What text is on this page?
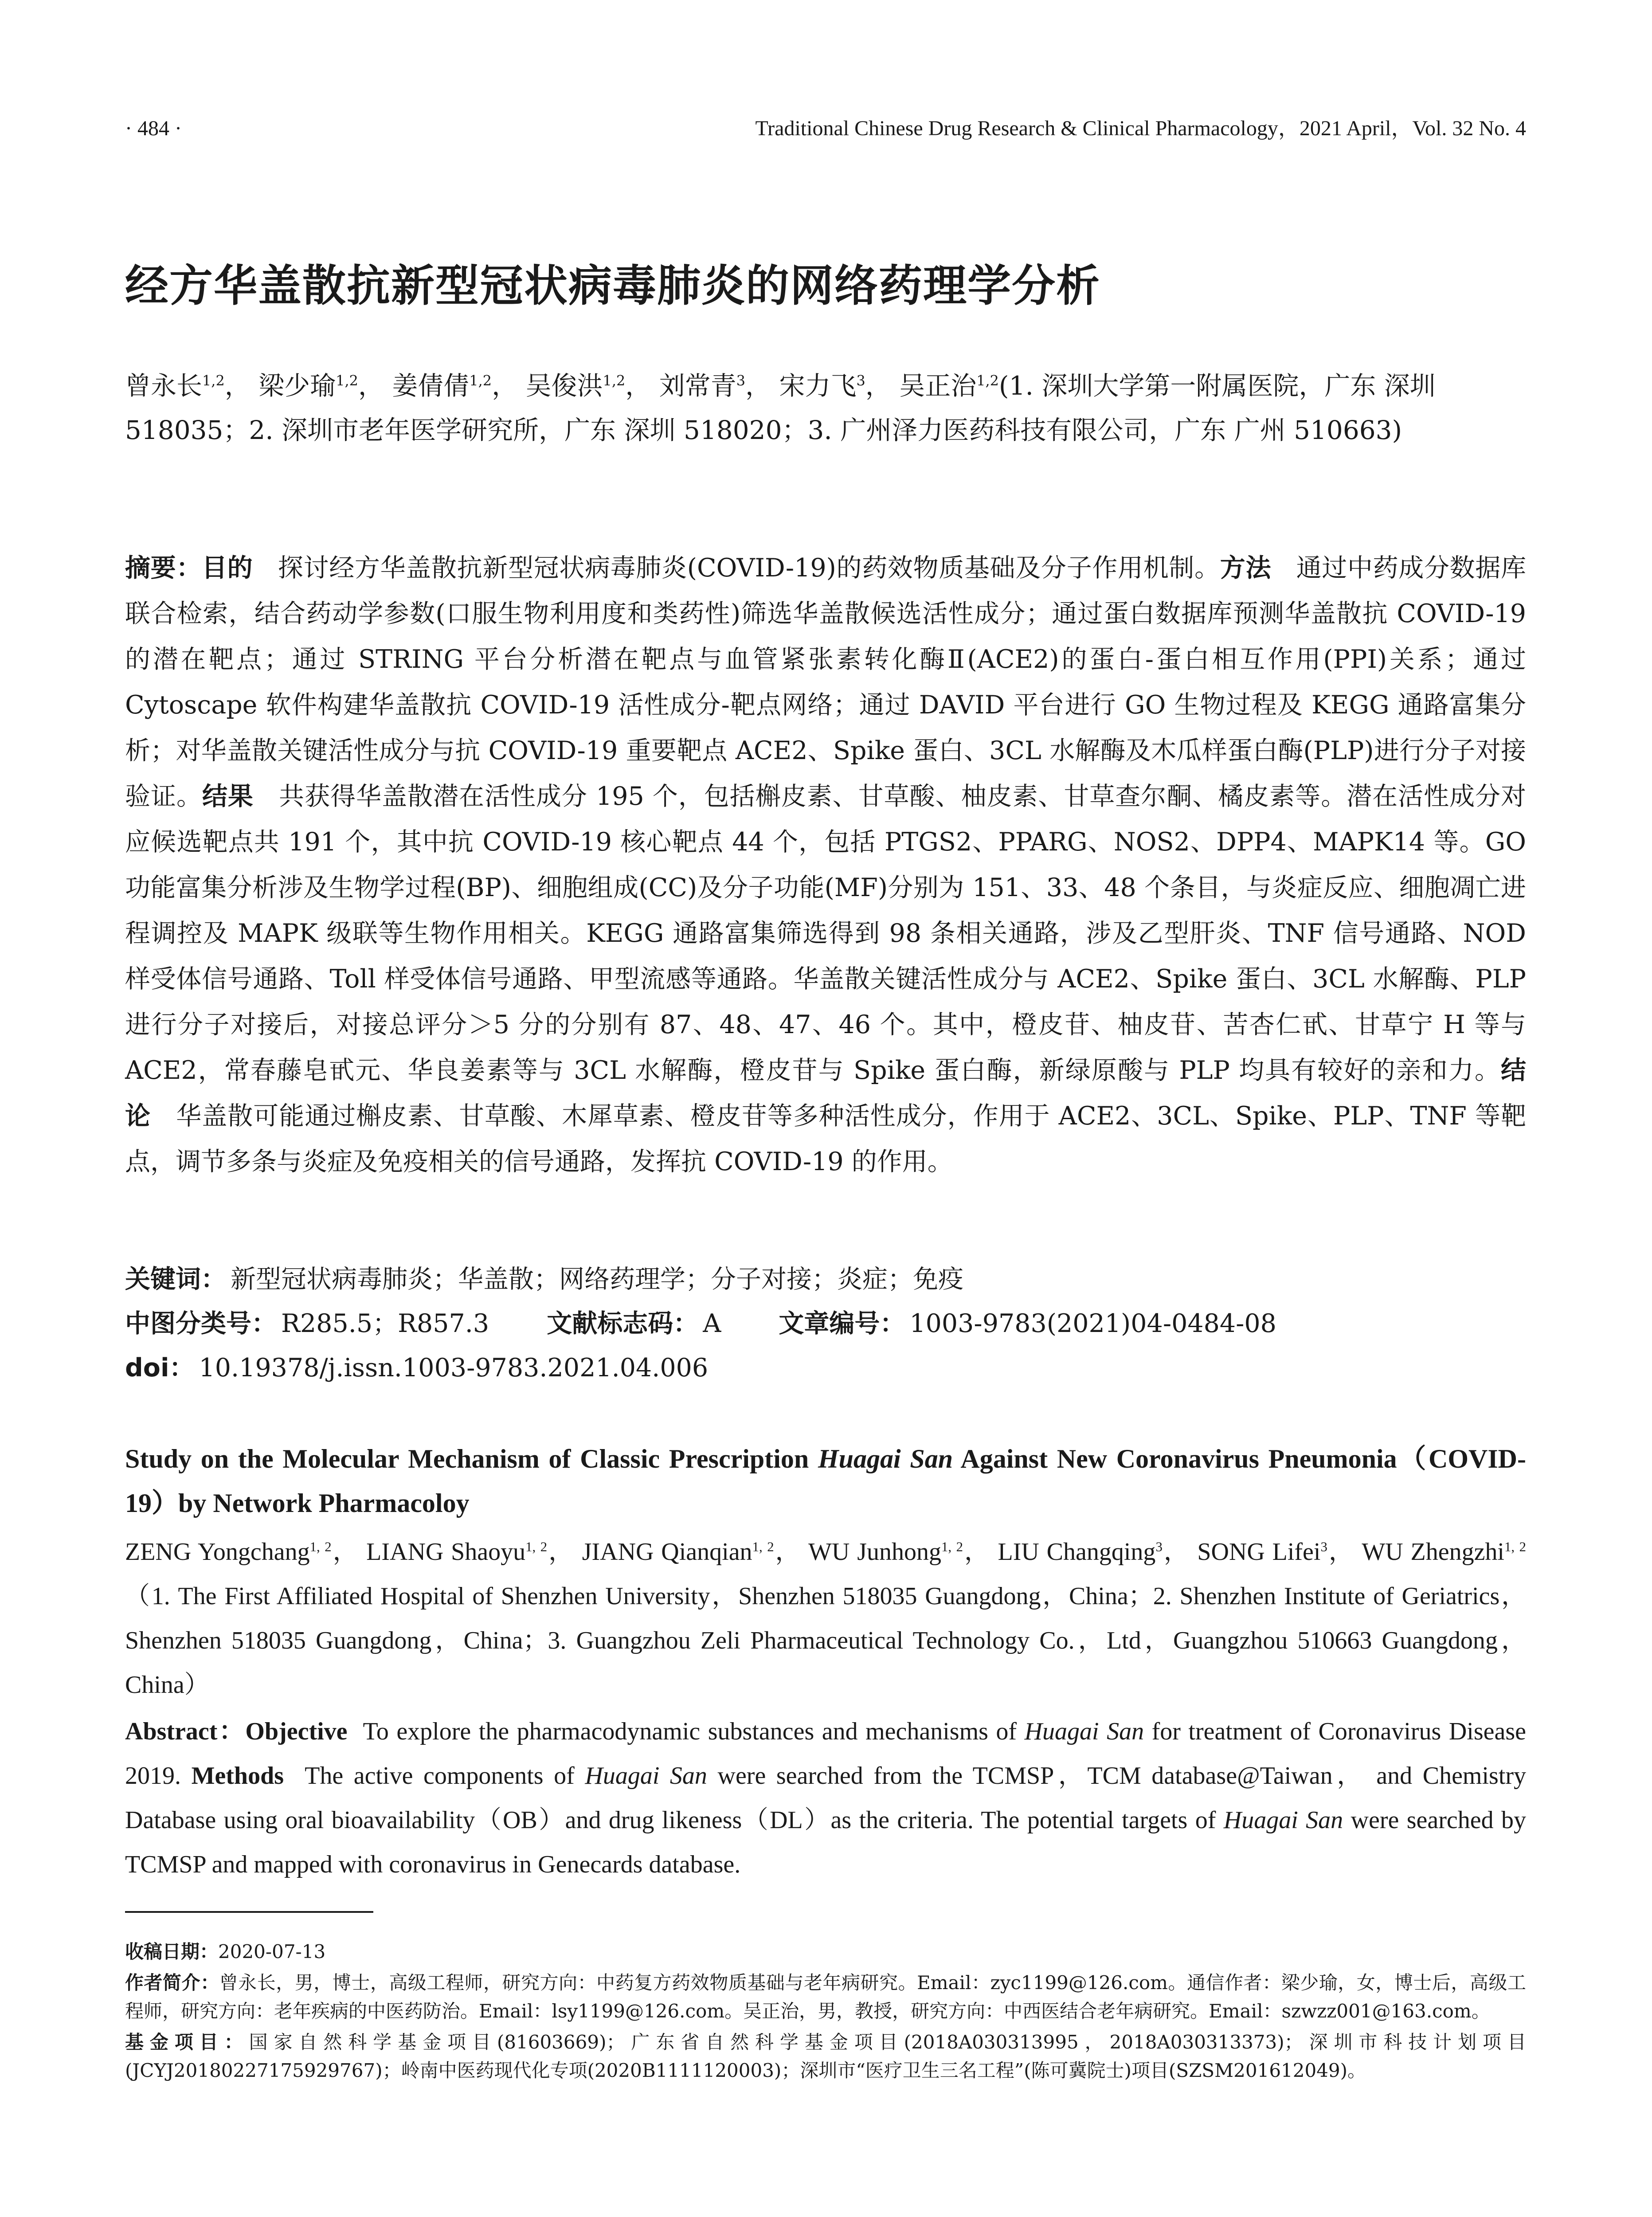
· 484 ·	Traditional Chinese Drug Research & Clinical Pharmacology，2021 April，Vol. 32 No. 4
经方华盖散抗新型冠状病毒肺炎的网络药理学分析
曾永长$^{1,2}$， 梁少瑜$^{1,2}$， 姜倩倩$^{1,2}$， 吴俊洪$^{1,2}$， 刘常青$^3$， 宋力飞$^3$， 吴正治$^{1,2}$(1. 深圳大学第一附属医院，广东 深圳 518035；2. 深圳市老年医学研究所，广东 深圳 518020；3. 广州泽力医药科技有限公司，广东 广州 510663)
摘要：目的 探讨经方华盖散抗新型冠状病毒肺炎(COVID-19)的药效物质基础及分子作用机制。方法 通过中药成分数据库联合检索，结合药动学参数(口服生物利用度和类药性)筛选华盖散候选活性成分；通过蛋白数据库预测华盖散抗 COVID-19 的潜在靶点；通过 STRING 平台分析潜在靶点与血管紧张素转化酶Ⅱ(ACE2)的蛋白-蛋白相互作用(PPI)关系；通过 Cytoscape 软件构建华盖散抗 COVID-19 活性成分-靶点网络；通过 DAVID 平台进行 GO 生物过程及 KEGG 通路富集分析；对华盖散关键活性成分与抗 COVID-19 重要靶点 ACE2、Spike 蛋白、3CL 水解酶及木瓜样蛋白酶(PLP)进行分子对接验证。结果 共获得华盖散潜在活性成分 195 个，包括槲皮素、甘草酸、柚皮素、甘草查尔酮、橘皮素等。潜在活性成分对应候选靶点共 191 个，其中抗 COVID-19 核心靶点 44 个，包括 PTGS2、PPARG、NOS2、DPP4、MAPK14 等。GO 功能富集分析涉及生物学过程(BP)、细胞组成(CC)及分子功能(MF)分别为 151、33、48 个条目，与炎症反应、细胞凋亡进程调控及 MAPK 级联等生物作用相关。KEGG 通路富集筛选得到 98 条相关通路，涉及乙型肝炎、TNF 信号通路、NOD 样受体信号通路、Toll 样受体信号通路、甲型流感等通路。华盖散关键活性成分与 ACE2、Spike 蛋白、3CL 水解酶、PLP 进行分子对接后，对接总评分＞5 分的分别有 87、48、47、46 个。其中，橙皮苷、柚皮苷、苦杏仁甙、甘草宁 H 等与 ACE2，常春藤皂甙元、华良姜素等与 3CL 水解酶，橙皮苷与 Spike 蛋白酶，新绿原酸与 PLP 均具有较好的亲和力。结论 华盖散可能通过槲皮素、甘草酸、木犀草素、橙皮苷等多种活性成分，作用于 ACE2、3CL、Spike、PLP、TNF 等靶点，调节多条与炎症及免疫相关的信号通路，发挥抗 COVID-19 的作用。
关键词： 新型冠状病毒肺炎；华盖散；网络药理学；分子对接；炎症；免疫
中图分类号： R285.5；R857.3 文献标志码： A 文章编号： 1003-9783(2021)04-0484-08
doi： 10.19378/j.issn.1003-9783.2021.04.006
Study on the Molecular Mechanism of Classic Prescription Huagai San Against New Coronavirus Pneumonia（COVID-19）by Network Pharmacoloy
ZENG Yongchang$^{1, 2}$， LIANG Shaoyu$^{1, 2}$， JIANG Qianqian$^{1, 2}$， WU Junhong$^{1, 2}$， LIU Changqing$^3$， SONG Lifei$^3$， WU Zhengzhi$^{1, 2}$（1. The First Affiliated Hospital of Shenzhen University，Shenzhen 518035 Guangdong，China；2. Shenzhen Institute of Geriatrics，Shenzhen 518035 Guangdong，China；3. Guangzhou Zeli Pharmaceutical Technology Co.，Ltd，Guangzhou 510663 Guangdong，China）
Abstract：Objective To explore the pharmacodynamic substances and mechanisms of Huagai San for treatment of Coronavirus Disease 2019. Methods The active components of Huagai San were searched from the TCMSP，TCM database@Taiwan， and Chemistry Database using oral bioavailability（OB）and drug likeness（DL）as the criteria. The potential targets of Huagai San were searched by TCMSP and mapped with coronavirus in Genecards database.

收稿日期：2020-07-13

作者简介：曾永长，男，博士，高级工程师，研究方向：中药复方药效物质基础与老年病研究。Email：zyc1199@126.com。通信作者：梁少瑜，女，博士后，高级工程师，研究方向：老年疾病的中医药防治。Email：lsy1199@126.com。吴正治，男，教授，研究方向：中西医结合老年病研究。Email：szwzz001@163.com。

基金项目：国家自然科学基金项目(81603669)；广东省自然科学基金项目(2018A030313995，2018A030313373)；深圳市科技计划项目(JCYJ20180227175929767)；岭南中医药现代化专项(2020B1111120003)；深圳市“医疗卫生三名工程”(陈可冀院士)项目(SZSM201612049)。
